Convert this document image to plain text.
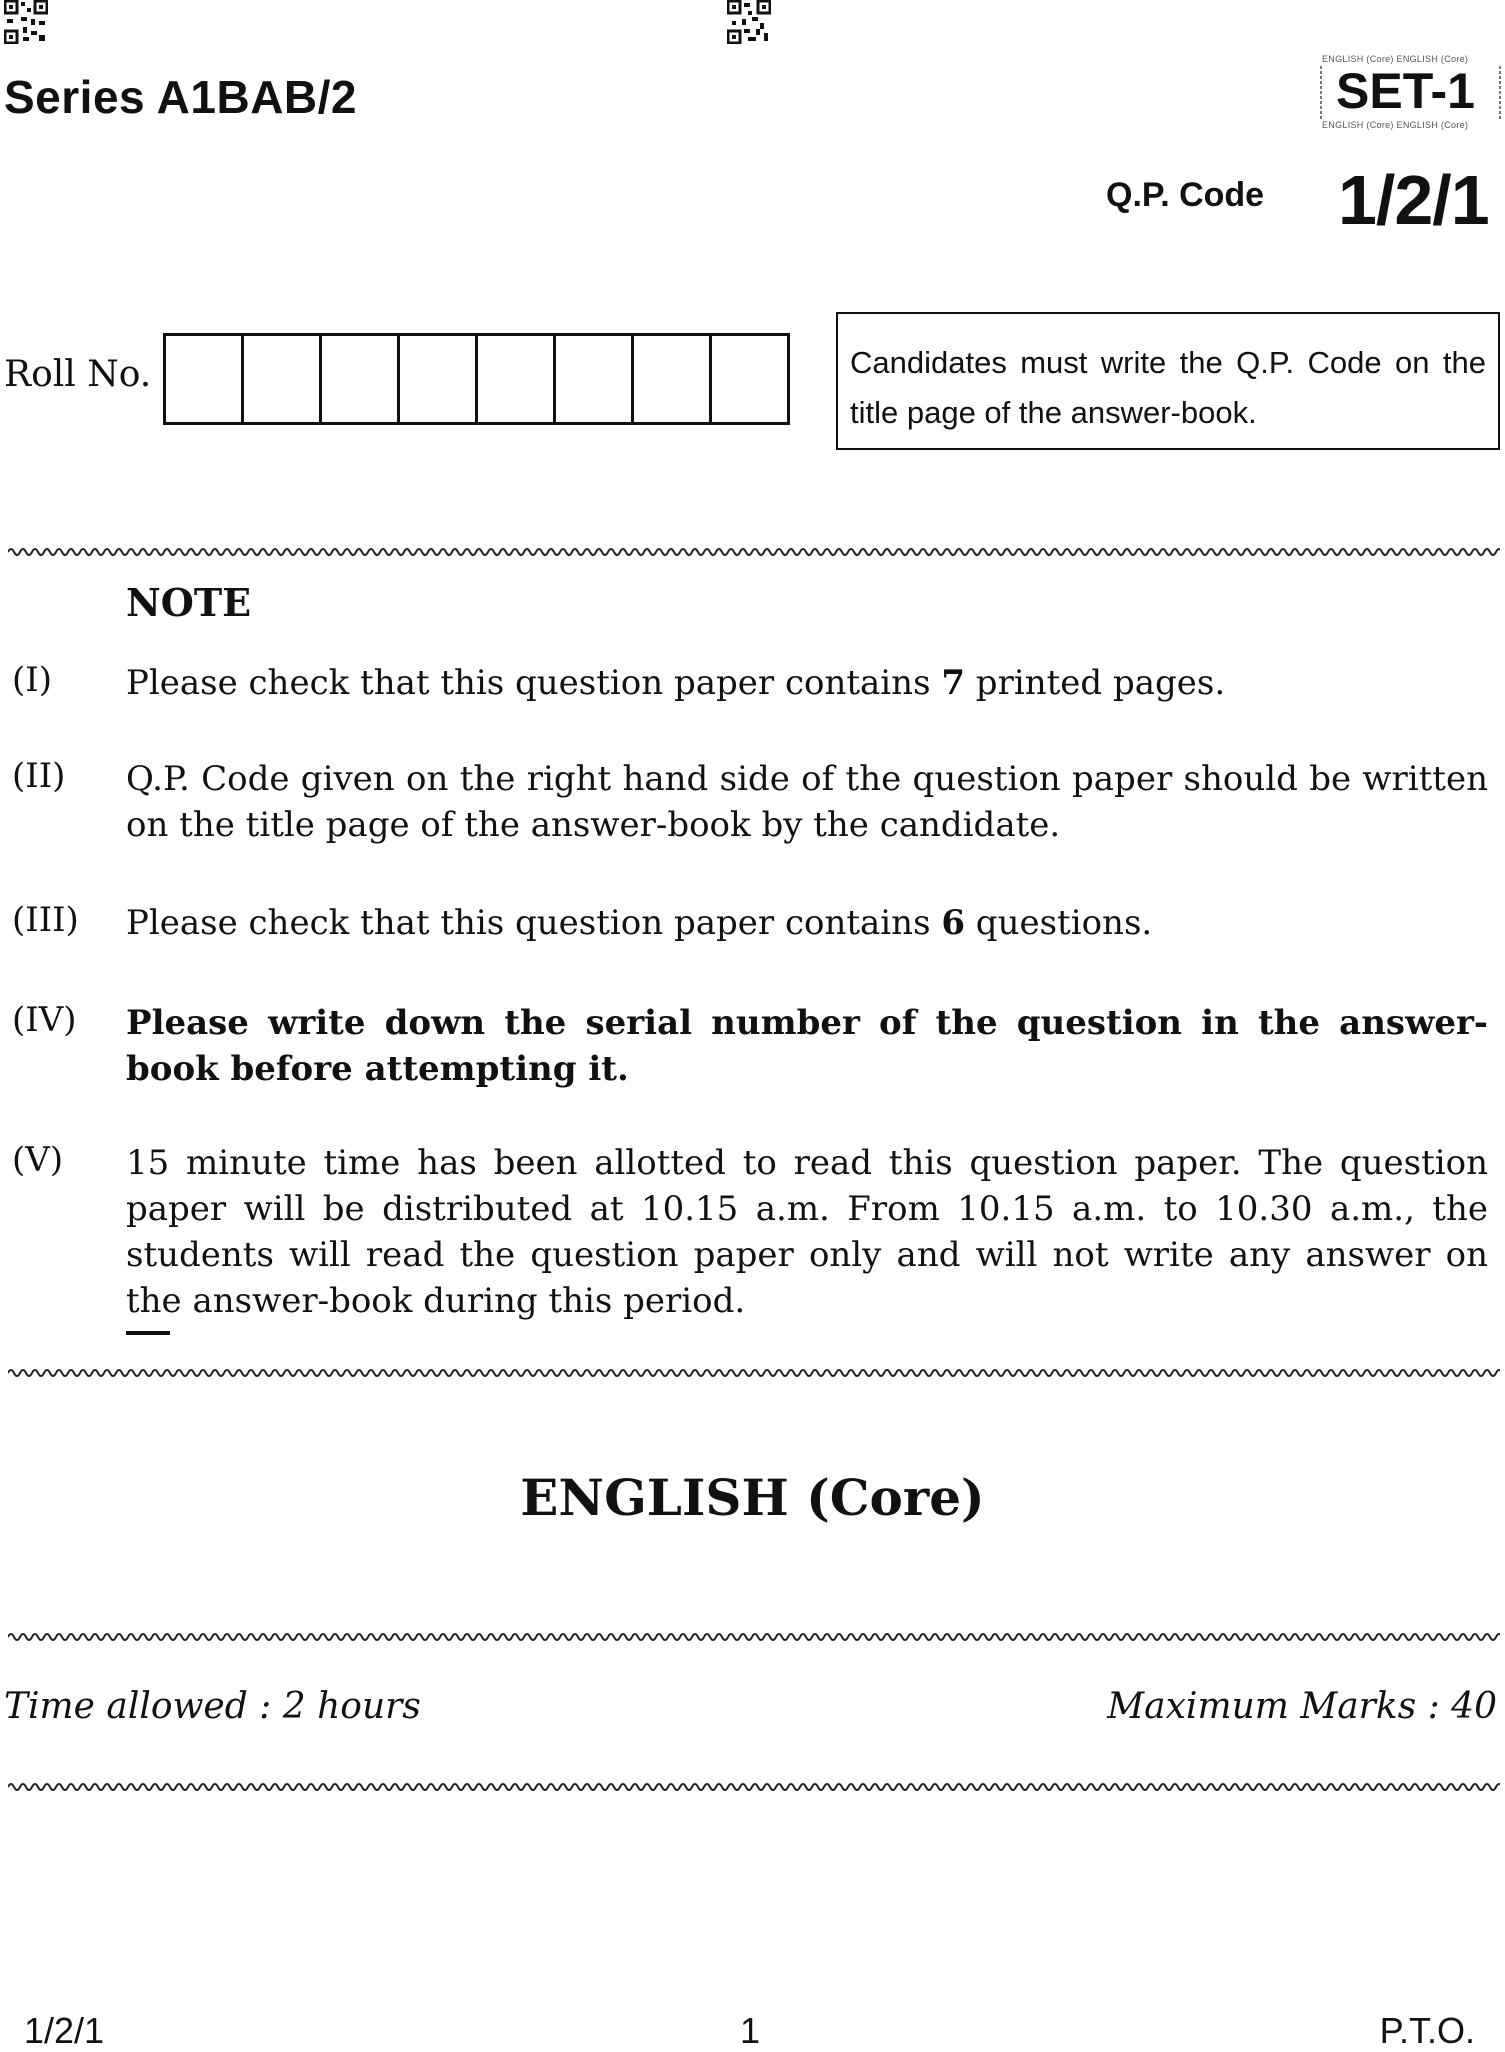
Series A1BAB/2
ENGLISH (Core) ENGLISH (Core)
SET-1
ENGLISH (Core) ENGLISH (Core)
Q.P. Code 1/2/1
Roll No.	Candidates must write the Q.P. Code on the title page of the answer-book.
NOTE
(I) Please check that this question paper contains 7 printed pages.
(II) Q.P. Code given on the right hand side of the question paper should be written on the title page of the answer-book by the candidate.
(III) Please check that this question paper contains 6 questions.
(IV) Please write down the serial number of the question in the answer-book before attempting it.
(V) 15 minute time has been allotted to read this question paper. The question paper will be distributed at 10.15 a.m. From 10.15 a.m. to 10.30 a.m., the students will read the question paper only and will not write any answer on the answer-book during this period.
ENGLISH (Core)
Time allowed : 2 hours	Maximum Marks : 40
1/2/1	1	P.T.O.
